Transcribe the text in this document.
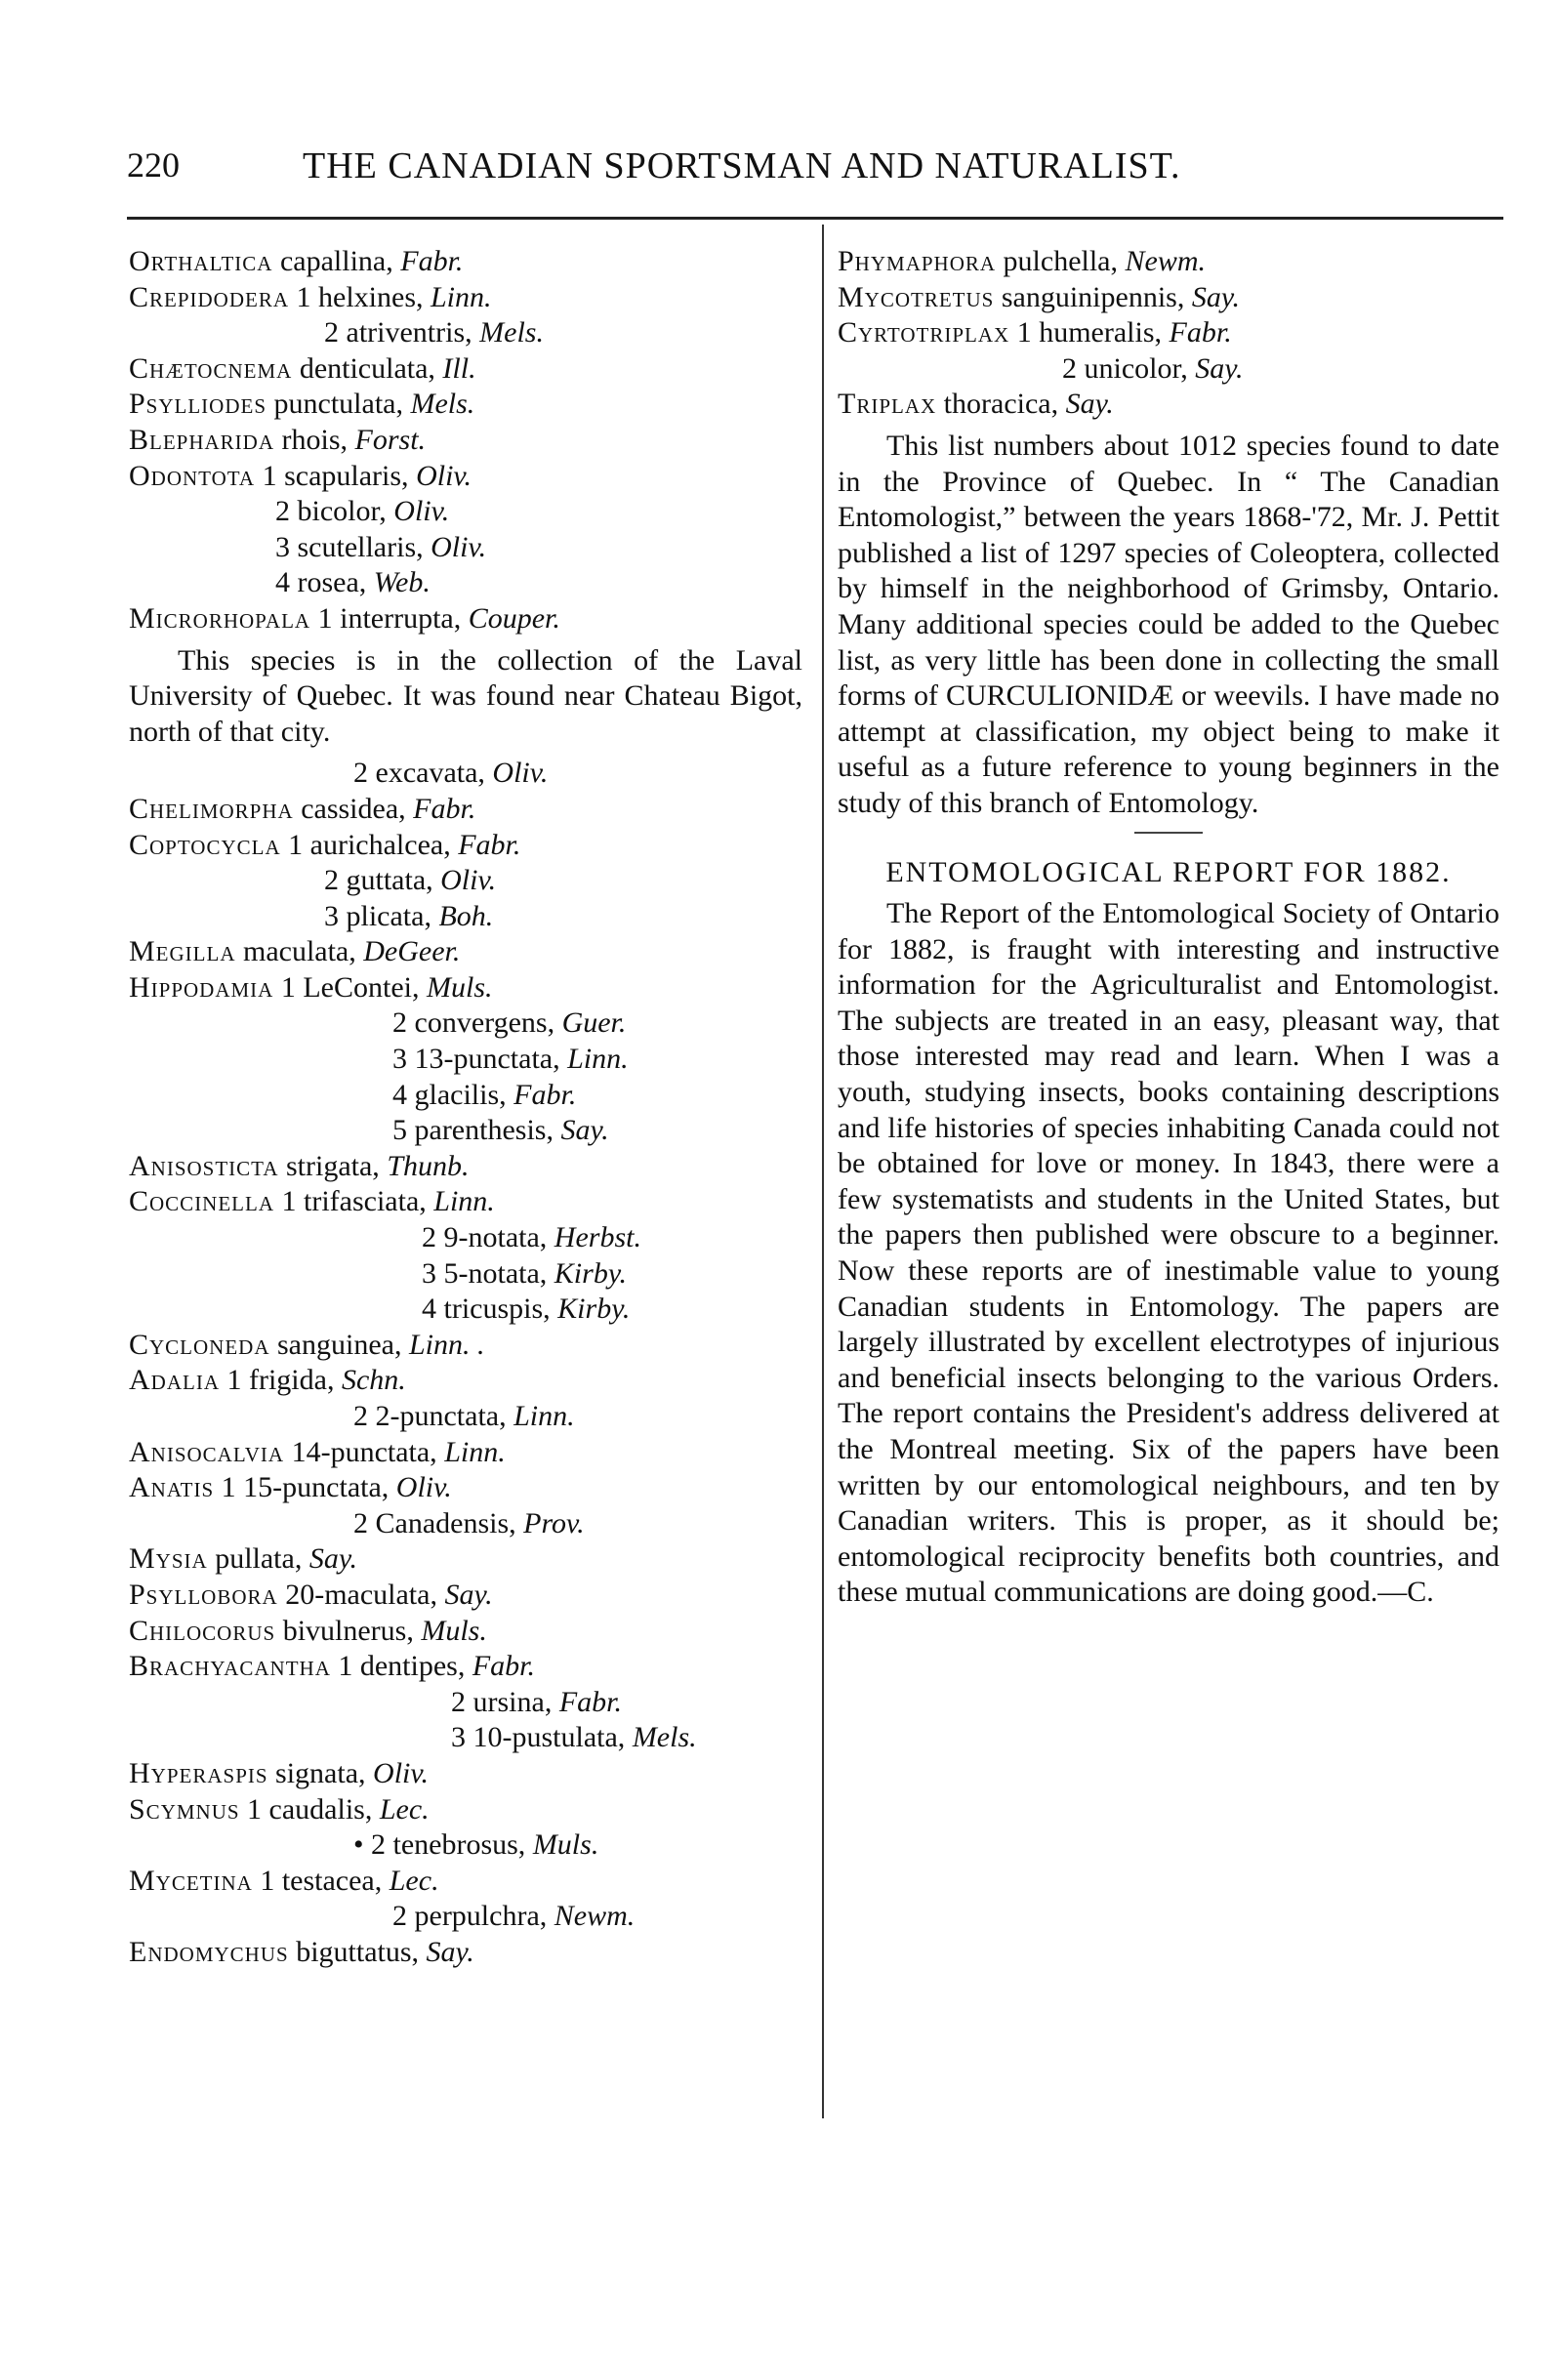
220	THE CANADIAN SPORTSMAN AND NATURALIST.
Orthaltica capallina, Fabr.
Crepidodera 1 helxines, Linn.
2 atriventris, Mels.
Chætocnema denticulata, Ill.
Psylliodes punctulata, Mels.
Blepharida rhois, Forst.
Odontota 1 scapularis, Oliv.
2 bicolor, Oliv.
3 scutellaris, Oliv.
4 rosea, Web.
Microrhopala 1 interrupta, Couper.
This species is in the collection of the Laval University of Quebec. It was found near Chateau Bigot, north of that city.
2 excavata, Oliv.
Chelimorpha cassidea, Fabr.
Coptocycla 1 aurichalcea, Fabr.
2 guttata, Oliv.
3 plicata, Boh.
Megilla maculata, DeGeer.
Hippodamia 1 LeContei, Muls.
2 convergens, Guer.
3 13-punctata, Linn.
4 glacilis, Fabr.
5 parenthesis, Say.
Anisosticta strigata, Thunb.
Coccinella 1 trifasciata, Linn.
2 9-notata, Herbst.
3 5-notata, Kirby.
4 tricuspis, Kirby.
Cycloneda sanguinea, Linn. .
Adalia 1 frigida, Schn.
2 2-punctata, Linn.
Anisocalvia 14-punctata, Linn.
Anatis 1 15-punctata, Oliv.
2 Canadensis, Prov.
Mysia pullata, Say.
Psyllobora 20-maculata, Say.
Chilocorus bivulnerus, Muls.
Brachyacantha 1 dentipes, Fabr.
2 ursina, Fabr.
3 10-pustulata, Mels.
Hyperaspis signata, Oliv.
Scymnus 1 caudalis, Lec.
• 2 tenebrosus, Muls.
Mycetina 1 testacea, Lec.
2 perpulchra, Newm.
Endomychus biguttatus, Say.
Phymaphora pulchella, Newm.
Mycotretus sanguinipennis, Say.
Cyrtotriplax 1 humeralis, Fabr.
2 unicolor, Say.
Triplax thoracica, Say.
This list numbers about 1012 species found to date in the Province of Quebec. In “ The Canadian Entomologist,” between the years 1868-'72, Mr. J. Pettit published a list of 1297 species of Coleoptera, collected by himself in the neighborhood of Grimsby, Ontario. Many additional species could be added to the Quebec list, as very little has been done in collecting the small forms of CURCULIONIDÆ or weevils. I have made no attempt at classification, my object being to make it useful as a future reference to young beginners in the study of this branch of Entomology.
ENTOMOLOGICAL REPORT FOR 1882.
The Report of the Entomological Society of Ontario for 1882, is fraught with interesting and instructive information for the Agriculturalist and Entomologist. The subjects are treated in an easy, pleasant way, that those interested may read and learn. When I was a youth, studying insects, books containing descriptions and life histories of species inhabiting Canada could not be obtained for love or money. In 1843, there were a few systematists and students in the United States, but the papers then published were obscure to a beginner. Now these reports are of inestimable value to young Canadian students in Entomology. The papers are largely illustrated by excellent electrotypes of injurious and beneficial insects belonging to the various Orders. The report contains the President's address delivered at the Montreal meeting. Six of the papers have been written by our entomological neighbours, and ten by Canadian writers. This is proper, as it should be; entomological reciprocity benefits both countries, and these mutual communications are doing good.—C.
